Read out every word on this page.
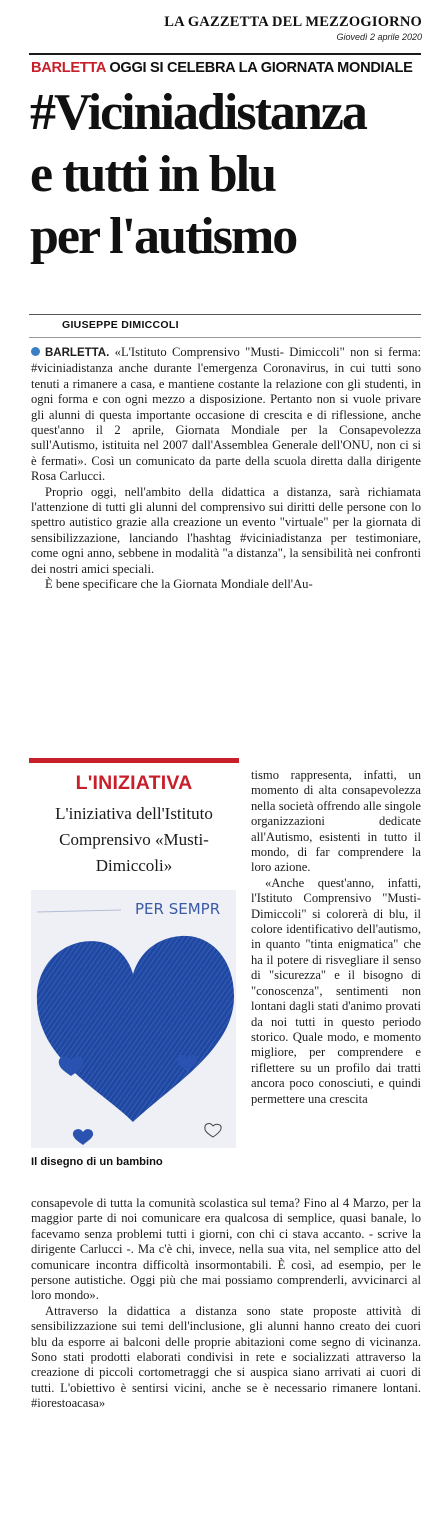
LA GAZZETTA DEL MEZZOGIORNO
Giovedì 2 aprile 2020
BARLETTA OGGI SI CELEBRA LA GIORNATA MONDIALE
#Viciniadistanza
e tutti in blu
per l'autismo
GIUSEPPE DIMICCOLI

BARLETTA. «L'Istituto Comprensivo "Musti- Dimiccoli" non si ferma: #viciniadistanza anche durante l'emergenza Coronavirus, in cui tutti sono tenuti a rimanere a casa, e mantiene costante la relazione con gli studenti, in ogni forma e con ogni mezzo a disposizione. Pertanto non si vuole privare gli alunni di questa importante occasione di crescita e di riflessione, anche quest'anno il 2 aprile, Giornata Mondiale per la Consapevolezza sull'Autismo, istituita nel 2007 dall'Assemblea Generale dell'ONU, non ci si è fermati». Così un comunicato da parte della scuola diretta dalla dirigente Rosa Carlucci.

Proprio oggi, nell'ambito della didattica a distanza, sarà richiamata l'attenzione di tutti gli alunni del comprensivo sui diritti delle persone con lo spettro autistico grazie alla creazione un evento "virtuale" per la giornata di sensibilizzazione, lanciando l'hashtag #viciniadistanza per testimoniare, come ogni anno, sebbene in modalità "a distanza", la sensibilità nei confronti dei nostri amici speciali.

È bene specificare che la Giornata Mondiale dell'Au-

L'INIZIATIVA
L'iniziativa dell'Istituto Comprensivo «Musti- Dimiccoli»
PER SEMPR
Il disegno di un bambino

tismo rappresenta, infatti, un momento di alta consapevolezza nella società offrendo alle singole organizzazioni dedicate all'Autismo, esistenti in tutto il mondo, di far comprendere la loro azione.

«Anche quest'anno, infatti, l'Istituto Comprensivo "Musti- Dimiccoli" si colorerà di blu, il colore identificativo dell'autismo, in quanto "tinta enigmatica" che ha il potere di risvegliare il senso di "sicurezza" e il bisogno di "conoscenza", sentimenti non lontani dagli stati d'animo provati da noi tutti in questo periodo storico. Quale modo, e momento migliore, per comprendere e riflettere su un profilo dai tratti ancora poco conosciuti, e quindi permettere una crescita

consapevole di tutta la comunità scolastica sul tema? Fino al 4 Marzo, per la maggior parte di noi comunicare era qualcosa di semplice, quasi banale, lo facevamo senza problemi tutti i giorni, con chi ci stava accanto. - scrive la dirigente Carlucci -. Ma c'è chi, invece, nella sua vita, nel semplice atto del comunicare incontra difficoltà insormontabili. È così, ad esempio, per le persone autistiche. Oggi più che mai possiamo comprenderli, avvicinarci al loro mondo».

Attraverso la didattica a distanza sono state proposte attività di sensibilizzazione sui temi dell'inclusione, gli alunni hanno creato dei cuori blu da esporre ai balconi delle proprie abitazioni come segno di vicinanza. Sono stati prodotti elaborati condivisi in rete e socializzati attraverso la creazione di piccoli cortometraggi che si auspica siano arrivati ai cuori di tutti. L'obiettivo è sentirsi vicini, anche se è necessario rimanere lontani. #iorestoacasa»
